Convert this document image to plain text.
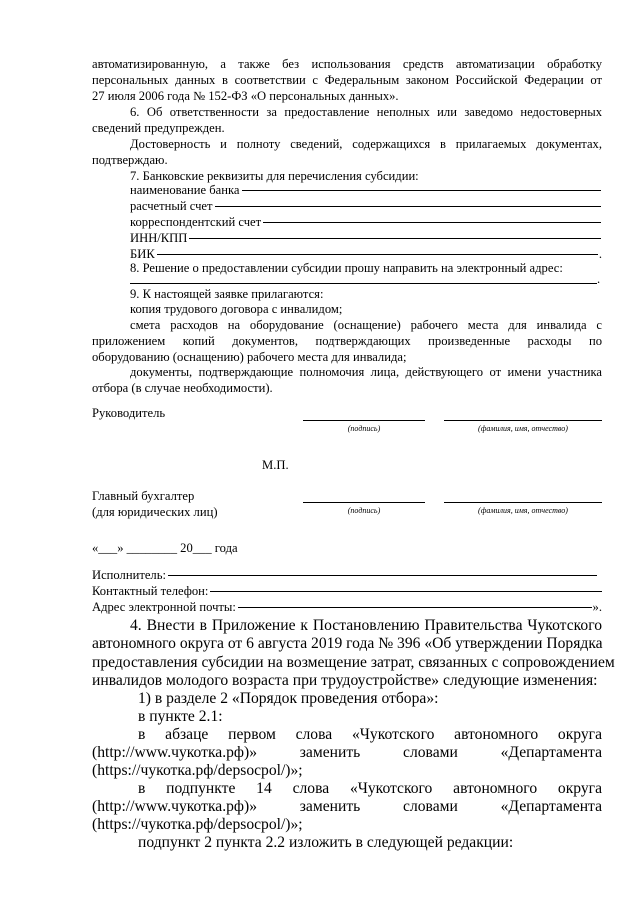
автоматизированную, а также без использования средств автоматизации обработку
персональных данных в соответствии с Федеральным законом Российской Федерации от
27 июля 2006 года № 152-ФЗ «О персональных данных».
6. Об ответственности за предоставление неполных или заведомо недостоверных
сведений предупрежден.
Достоверность и полноту сведений, содержащихся в прилагаемых документах,
подтверждаю.
7. Банковские реквизиты для перечисления субсидии:
наименование банка
расчетный счет
корреспондентский счет
ИНН/КПП
БИК	.
8. Решение о предоставлении субсидии прошу направить на электронный адрес:
.
9. К настоящей заявке прилагаются:
копия трудового договора с инвалидом;
смета расходов на оборудование (оснащение) рабочего места для инвалида с
приложением копий документов, подтверждающих произведенные расходы по
оборудованию (оснащению) рабочего места для инвалида;
документы, подтверждающие полномочия лица, действующего от имени участника
отбора (в случае необходимости).
Руководитель
(подпись)	(фамилия, имя, отчество)
М.П.
Главный бухгалтер
(для юридических лиц)	(подпись)	(фамилия, имя, отчество)
«___» ________ 20___ года
Исполнитель:
Контактный телефон:
Адрес электронной почты:	».
4. Внести в Приложение к Постановлению Правительства Чукотского
автономного округа от 6 августа 2019 года № 396 «Об утверждении Порядка
предоставления субсидии на возмещение затрат, связанных с сопровождением
инвалидов молодого возраста при трудоустройстве» следующие изменения:
1) в разделе 2 «Порядок проведения отбора»:
в пункте 2.1:
в абзаце первом слова «Чукотского автономного округа
(http://www.чукотка.рф)» заменить словами «Департамента
(https://чукотка.рф/depsocpol/)»;
в подпункте 14 слова «Чукотского автономного округа
(http://www.чукотка.рф)» заменить словами «Департамента
(https://чукотка.рф/depsocpol/)»;
подпункт 2 пункта 2.2 изложить в следующей редакции:
